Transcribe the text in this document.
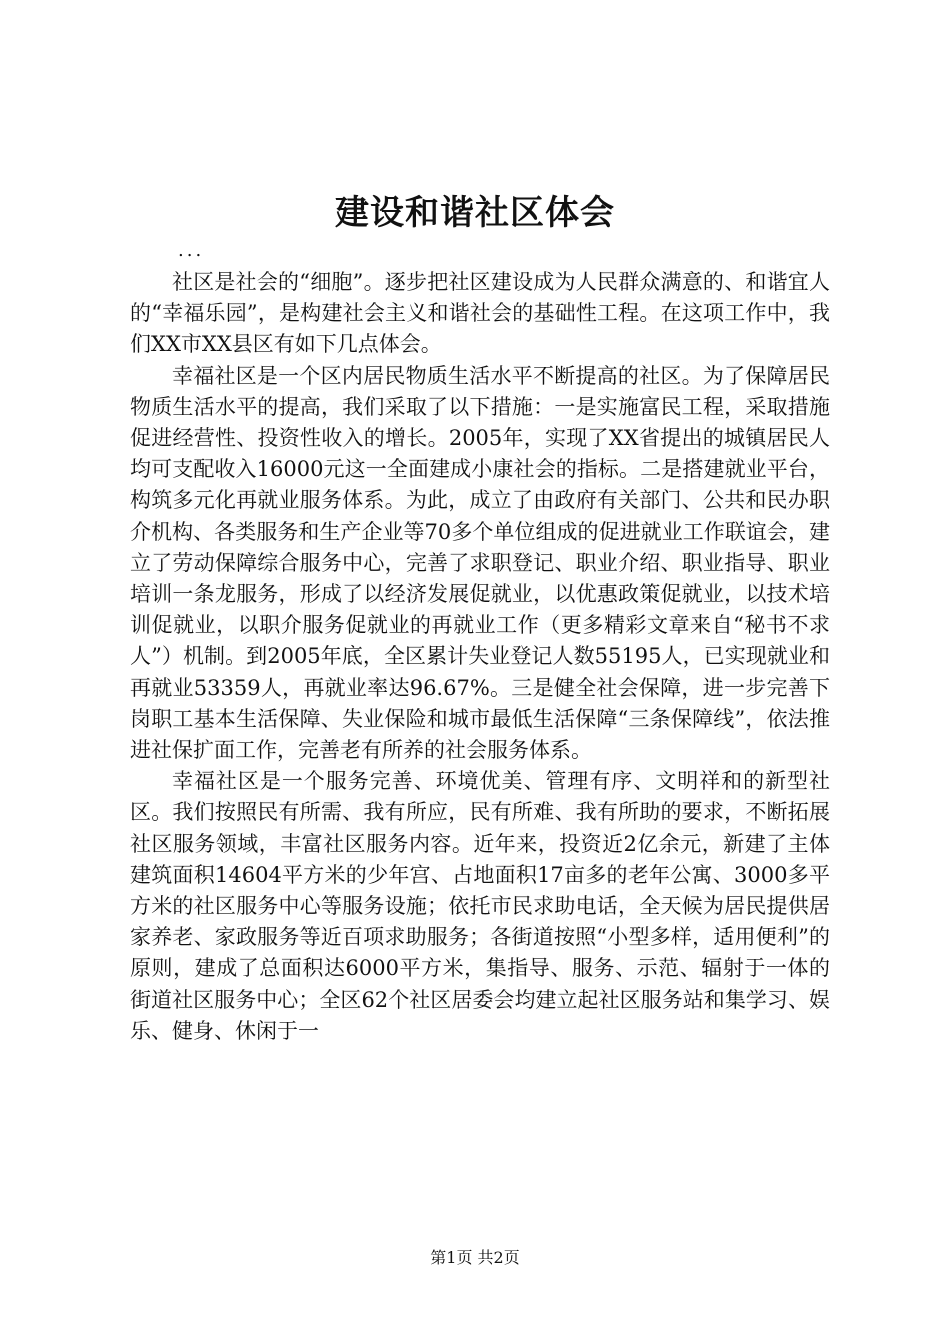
建设和谐社区体会
...

社区是社会的“细胞”。逐步把社区建设成为人民群众满意的、和谐宜人的“幸福乐园”，是构建社会主义和谐社会的基础性工程。在这项工作中，我们XX市XX县区有如下几点体会。

幸福社区是一个区内居民物质生活水平不断提高的社区。为了保障居民物质生活水平的提高，我们采取了以下措施：一是实施富民工程，采取措施促进经营性、投资性收入的增长。2005年，实现了XX省提出的城镇居民人均可支配收入16000元这一全面建成小康社会的指标。二是搭建就业平台，构筑多元化再就业服务体系。为此，成立了由政府有关部门、公共和民办职介机构、各类服务和生产企业等70多个单位组成的促进就业工作联谊会，建立了劳动保障综合服务中心，完善了求职登记、职业介绍、职业指导、职业培训一条龙服务，形成了以经济发展促就业，以优惠政策促就业，以技术培训促就业，以职介服务促就业的再就业工作（更多精彩文章来自“秘书不求人”）机制。到2005年底，全区累计失业登记人数55195人，已实现就业和再就业53359人，再就业率达96.67%。三是健全社会保障，进一步完善下岗职工基本生活保障、失业保险和城市最低生活保障“三条保障线”，依法推进社保扩面工作，完善老有所养的社会服务体系。

幸福社区是一个服务完善、环境优美、管理有序、文明祥和的新型社区。我们按照民有所需、我有所应，民有所难、我有所助的要求，不断拓展社区服务领域，丰富社区服务内容。近年来，投资近2亿余元，新建了主体建筑面积14604平方米的少年宫、占地面积17亩多的老年公寓、3000多平方米的社区服务中心等服务设施；依托市民求助电话，全天候为居民提供居家养老、家政服务等近百项求助服务；各街道按照“小型多样，适用便利”的原则，建成了总面积达6000平方米，集指导、服务、示范、辐射于一体的街道社区服务中心；全区62个社区居委会均建立起社区服务站和集学习、娱乐、健身、休闲于一

第1页 共2页
